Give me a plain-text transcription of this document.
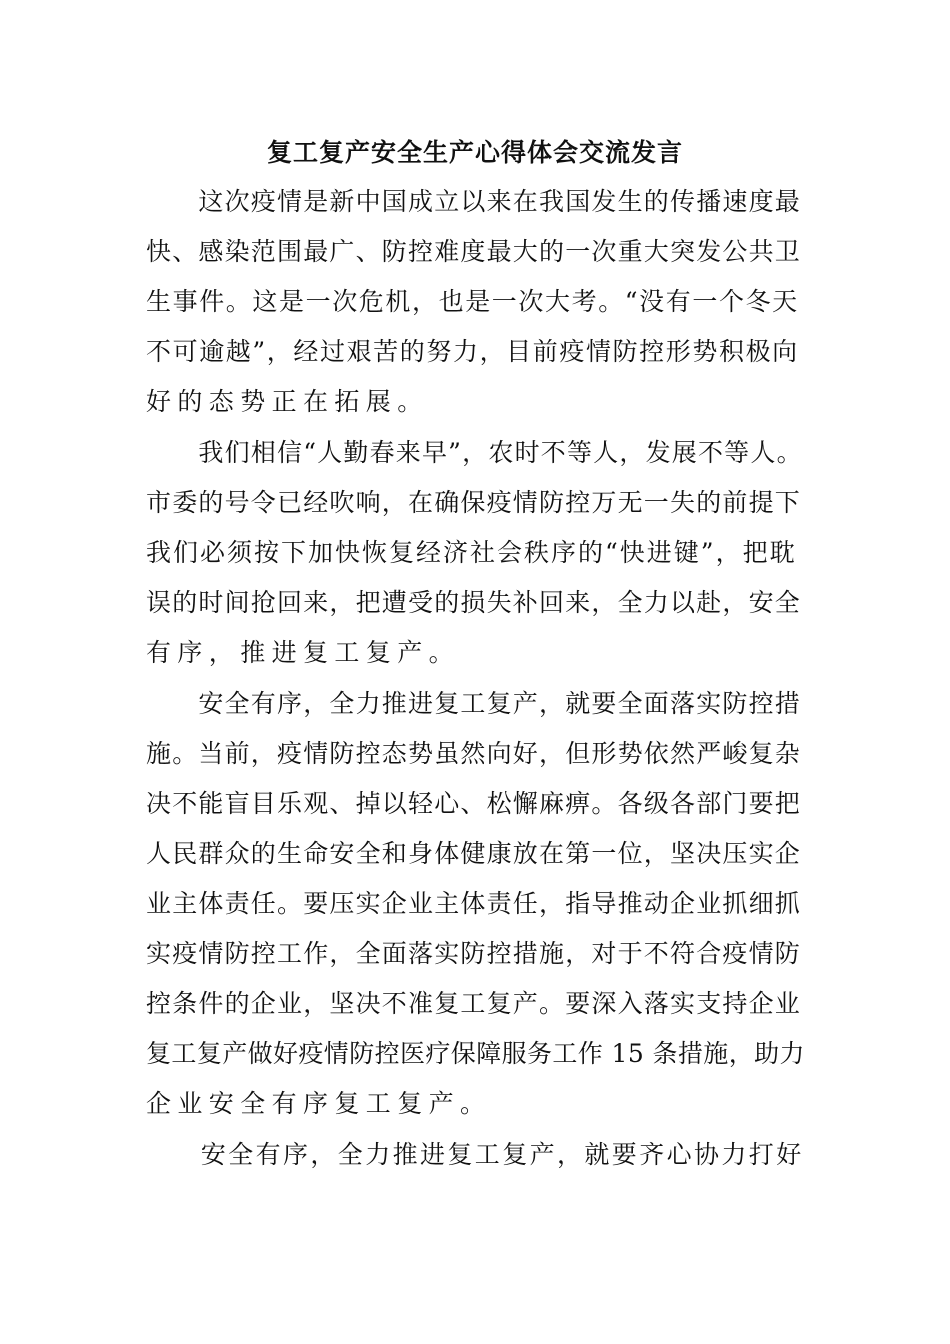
复工复产安全生产心得体会交流发言
　　这次疫情是新中国成立以来在我国发生的传播速度最
快、感染范围最广、防控难度最大的一次重大突发公共卫
生事件。这是一次危机，也是一次大考。“没有一个冬天
不可逾越”，经过艰苦的努力，目前疫情防控形势积极向
好的态势正在拓展。
　　我们相信“人勤春来早”，农时不等人，发展不等人。
市委的号令已经吹响，在确保疫情防控万无一失的前提下
我们必须按下加快恢复经济社会秩序的“快进键”，把耽
误的时间抢回来，把遭受的损失补回来，全力以赴，安全
有序，推进复工复产。
　　安全有序，全力推进复工复产，就要全面落实防控措
施。当前，疫情防控态势虽然向好，但形势依然严峻复杂
决不能盲目乐观、掉以轻心、松懈麻痹。各级各部门要把
人民群众的生命安全和身体健康放在第一位，坚决压实企
业主体责任。要压实企业主体责任，指导推动企业抓细抓
实疫情防控工作，全面落实防控措施，对于不符合疫情防
控条件的企业，坚决不准复工复产。要深入落实支持企业
复工复产做好疫情防控医疗保障服务工作 15 条措施，助力
企业安全有序复工复产。
　　安全有序，全力推进复工复产，就要齐心协力打好
